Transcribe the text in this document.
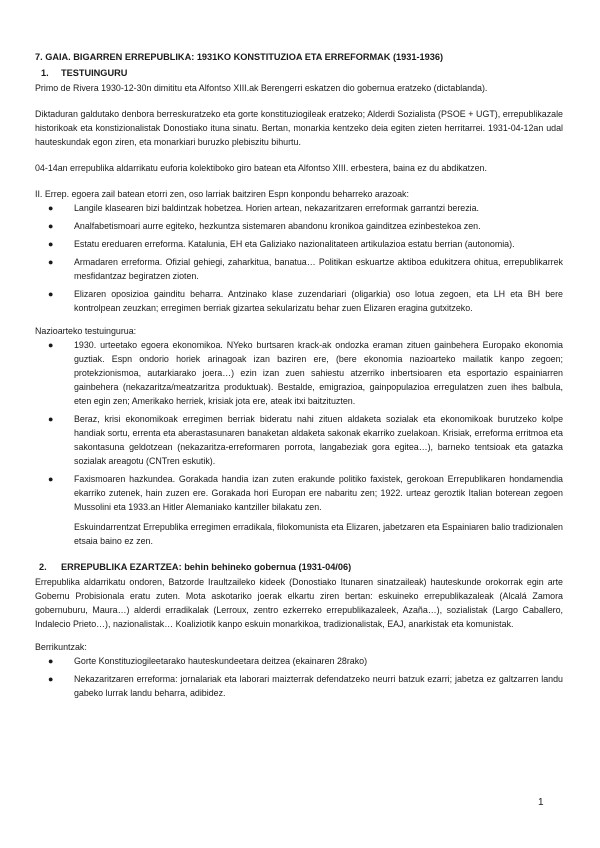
7. GAIA. BIGARREN ERREPUBLIKA: 1931KO KONSTITUZIOA ETA ERREFORMAK (1931-1936)
1. TESTUINGURU

Primo de Rivera 1930-12-30n dimititu eta Alfontso XIII.ak Berengerri eskatzen dio gobernua eratzeko (dictablanda).

Diktaduran galdutako denbora berreskuratzeko eta gorte konstituziogileak eratzeko; Alderdi Sozialista (PSOE + UGT), errepublikazale historikoak eta konstizionalistak Donostiako ituna sinatu. Bertan, monarkia kentzeko deia egiten zieten herritarrei. 1931-04-12an udal hauteskundak egon ziren, eta monarkiari buruzko plebiszitu bihurtu.

04-14an errepublika aldarrikatu euforia kolektiboko giro batean eta Alfontso XIII. erbestera, baina ez du abdikatzen.

II. Errep. egoera zail batean etorri zen, oso larriak baitziren Espn konpondu beharreko arazoak:

● Langile klasearen bizi baldintzak hobetzea. Horien artean, nekazaritzaren erreformak garrantzi berezia.
● Analfabetismoari aurre egiteko, hezkuntza sistemaren abandonu kronikoa gainditzea ezinbestekoa zen.
● Estatu ereduaren erreforma. Katalunia, EH eta Galiziako nazionalitateen artikulazioa estatu berrian (autonomia).
● Armadaren erreforma. Ofizial gehiegi, zaharkitua, banatua… Politikan eskuartze aktiboa edukitzera ohitua, errepublikarrek mesfidantzaz begiratzen zioten.
● Elizaren oposizioa gainditu beharra. Antzinako klase zuzendariari (oligarkia) oso lotua zegoen, eta LH eta BH bere kontrolpean zeuzkan; erregimen berriak gizartea sekularizatu behar zuen Elizaren eragina gutxitzeko.

Nazioarteko testuingurua:

● 1930. urteetako egoera ekonomikoa. NYeko burtsaren krack-ak ondozka eraman zituen gainbehera Europako ekonomia guztiak. Espn ondorio horiek arinagoak izan baziren ere, (bere ekonomia nazioarteko mailatik kanpo zegoen; protekzionismoa, autarkiarako joera…) ezin izan zuen sahiestu atzerriko inbertsioaren eta esportazio espainiarren gainbehera (nekazaritza/meatzaritza produktuak). Bestalde, emigrazioa, gainpopulazioa erregulatzen zuen ihes balbula, eten egin zen; Amerikako herriek, krisiak jota ere, ateak itxi baitzituzten.
● Beraz, krisi ekonomikoak erregimen berriak bideratu nahi zituen aldaketa sozialak eta ekonomikoak burutzeko kolpe handiak sortu, errenta eta aberastasunaren banaketan aldaketa sakonak ekarriko zuelakoan. Krisiak, erreforma erritmoa eta sakontasuna geldotzean (nekazaritza-erreformaren porrota, langabeziak gora egitea…), barneko tentsioak eta gatazka sozialak areagotu (CNTren eskutik).
● Faxismoaren hazkundea. Gorakada handia izan zuten erakunde politiko faxistek, gerokoan Errepublikaren hondamendia ekarriko zutenek, hain zuzen ere. Gorakada hori Europan ere nabaritu zen; 1922. urteaz geroztik Italian boterean zegoen Mussolini eta 1933.an Hitler Alemaniako kantziller bilakatu zen.

Eskuindarrentzat Errepublika erregimen erradikala, filokomunista eta Elizaren, jabetzaren eta Espainiaren balio tradizionalen etsaia baino ez zen.

2. ERREPUBLIKA EZARTZEA: behin behineko gobernua (1931-04/06)

Errepublika aldarrikatu ondoren, Batzorde Iraultzaileko kideek (Donostiako Itunaren sinatzaileak) hauteskunde orokorrak egin arte Gobernu Probisionala eratu zuten. Mota askotariko joerak elkartu ziren bertan: eskuineko errepublikazaleak (Alcalá Zamora gobernuburu, Maura…) alderdi erradikalak (Lerroux, zentro ezkerreko errepublikazaleek, Azaña…), sozialistak (Largo Caballero, Indalecio Prieto…), nazionalistak… Koaliziotik kanpo eskuin monarkikoa, tradizionalistak, EAJ, anarkistak eta komunistak.

Berrikuntzak:

● Gorte Konstituziogileetarako hauteskundeetara deitzea (ekainaren 28rako)
● Nekazaritzaren erreforma: jornalariak eta laborari maizterrak defendatzeko neurri batzuk ezarri; jabetza ez galtzarren landu gabeko lurrak landu beharra, adibidez.
1
